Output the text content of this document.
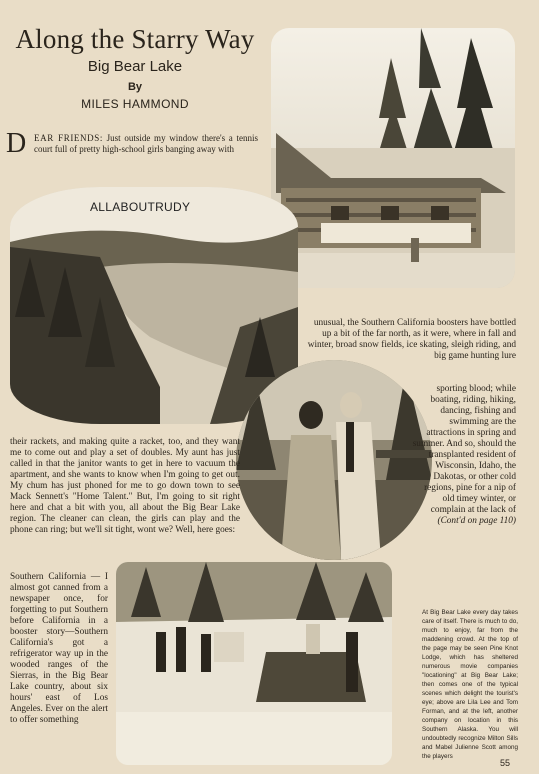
Along the Starry Way
Big Bear Lake
By
MILES HAMMOND
D EAR FRIENDS: Just outside my window there's a tennis court full of pretty high-school girls banging away with
ALLABOUTRUDY
their rackets, and making quite a racket, too, and they want me to come out and play a set of doubles. My aunt has just called in that the janitor wants to get in here to vacuum the apartment, and she wants to know when I'm going to get out. My chum has just phoned for me to go down town to see Mack Sennett's "Home Talent." But, I'm going to sit right here and chat a bit with you, all about the Big Bear Lake region. The cleaner can clean, the girls can play and the phone can ring; but we'll sit tight, wont we? Well, here goes:
Southern California — I almost got canned from a newspaper once, for forgetting to put Southern before California in a booster story—Southern California's got a refrigerator way up in the wooded ranges of the Sierras, in the Big Bear Lake country, about six hours' east of Los Angeles. Ever on the alert to offer something
unusual, the Southern California boosters have bottled up a bit of the far north, as it were, where in fall and winter, broad snow fields, ice skating, sleigh riding, and big game hunting lure
sporting blood; while boating, riding, hiking, dancing, fishing and swimming are the attractions in spring and summer. And so, should the transplanted resident of Wisconsin, Idaho, the Dakotas, or other cold regions, pine for a nip of old timey winter, or complain at the lack of (Cont'd on page 110)
At Big Bear Lake every day takes care of itself. There is much to do, much to enjoy, far from the maddening crowd. At the top of the page may be seen Pine Knot Lodge, which has sheltered numerous movie companies "locationing" at Big Bear Lake; then comes one of the typical scenes which delight the tourist's eye; above are Lila Lee and Tom Forman, and at the left, another company on location in this Southern Alaska. You will undoubtedly recognize Milton Sills and Mabel Julienne Scott among the players
55
